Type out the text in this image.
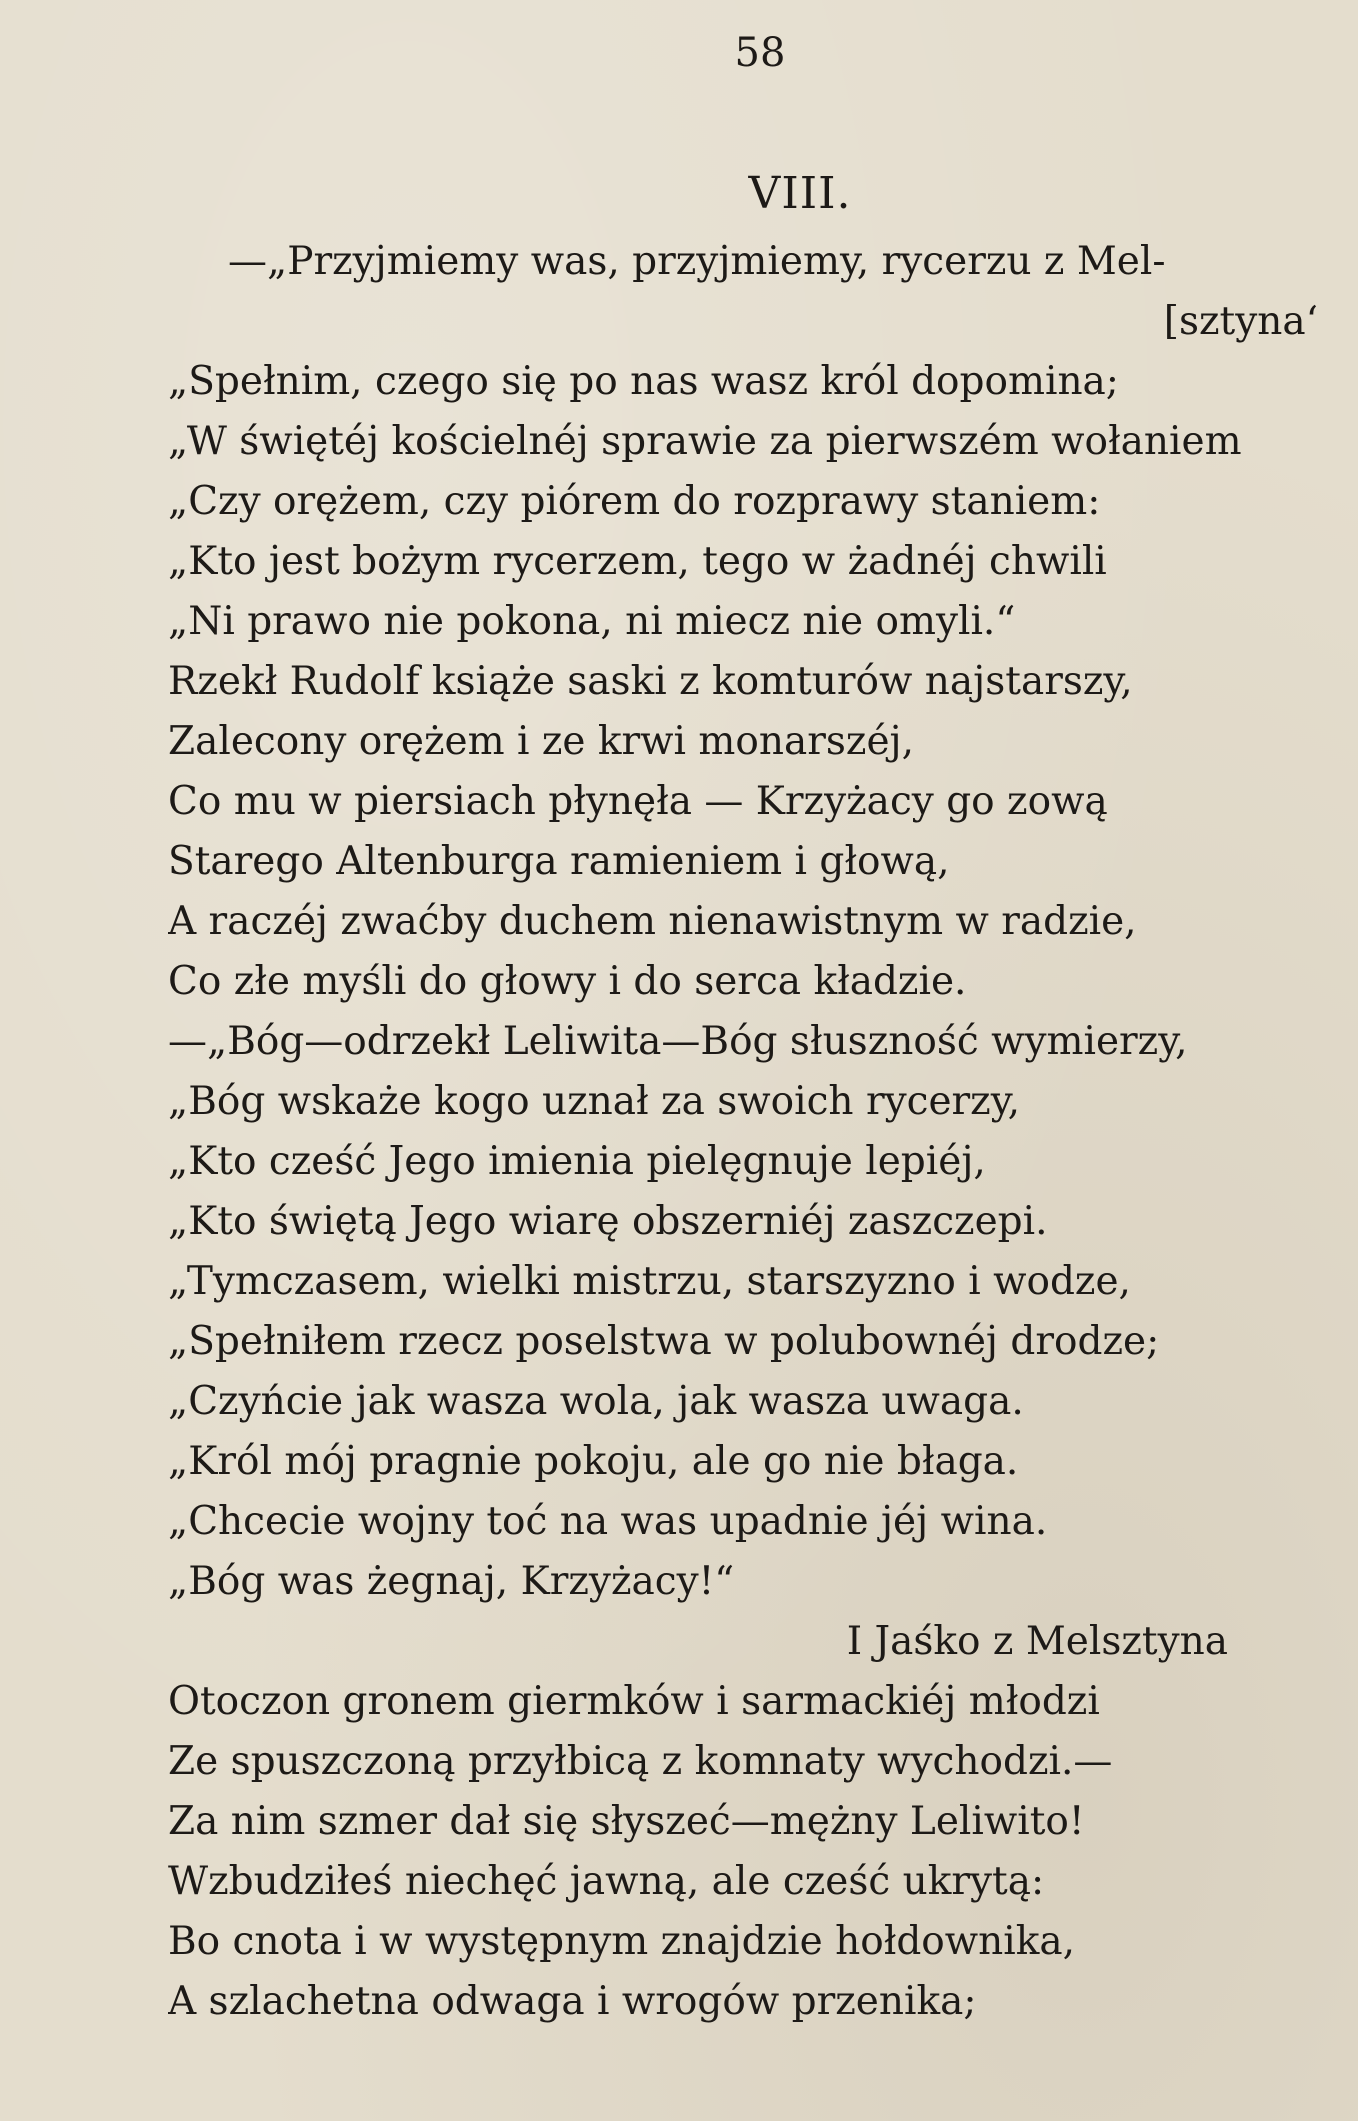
58
VIII.
—„Przyjmiemy was, przyjmiemy, rycerzu z Mel-
[sztyna‘
„Spełnim, czego się po nas wasz król dopomina;
„W świętéj kościelnéj sprawie za pierwszém wołaniem
„Czy orężem, czy piórem do rozprawy staniem:
„Kto jest bożym rycerzem, tego w żadnéj chwili
„Ni prawo nie pokona, ni miecz nie omyli.“
Rzekł Rudolf książe saski z komturów najstarszy,
Zalecony orężem i ze krwi monarszéj,
Co mu w piersiach płynęła — Krzyżacy go zową
Starego Altenburga ramieniem i głową,
A raczéj zwaćby duchem nienawistnym w radzie,
Co złe myśli do głowy i do serca kładzie.
—„Bóg—odrzekł Leliwita—Bóg słuszność wymierzy,
„Bóg wskaże kogo uznał za swoich rycerzy,
„Kto cześć Jego imienia pielęgnuje lepiéj,
„Kto świętą Jego wiarę obszerniéj zaszczepi.
„Tymczasem, wielki mistrzu, starszyzno i wodze,
„Spełniłem rzecz poselstwa w polubownéj drodze;
„Czyńcie jak wasza wola, jak wasza uwaga.
„Król mój pragnie pokoju, ale go nie błaga.
„Chcecie wojny toć na was upadnie jéj wina.
„Bóg was żegnaj, Krzyżacy!“
I Jaśko z Melsztyna
Otoczon gronem giermków i sarmackiéj młodzi
Ze spuszczoną przyłbicą z komnaty wychodzi.—
Za nim szmer dał się słyszeć—mężny Leliwito!
Wzbudziłeś niechęć jawną, ale cześć ukrytą:
Bo cnota i w występnym znajdzie hołdownika,
A szlachetna odwaga i wrogów przenika;
